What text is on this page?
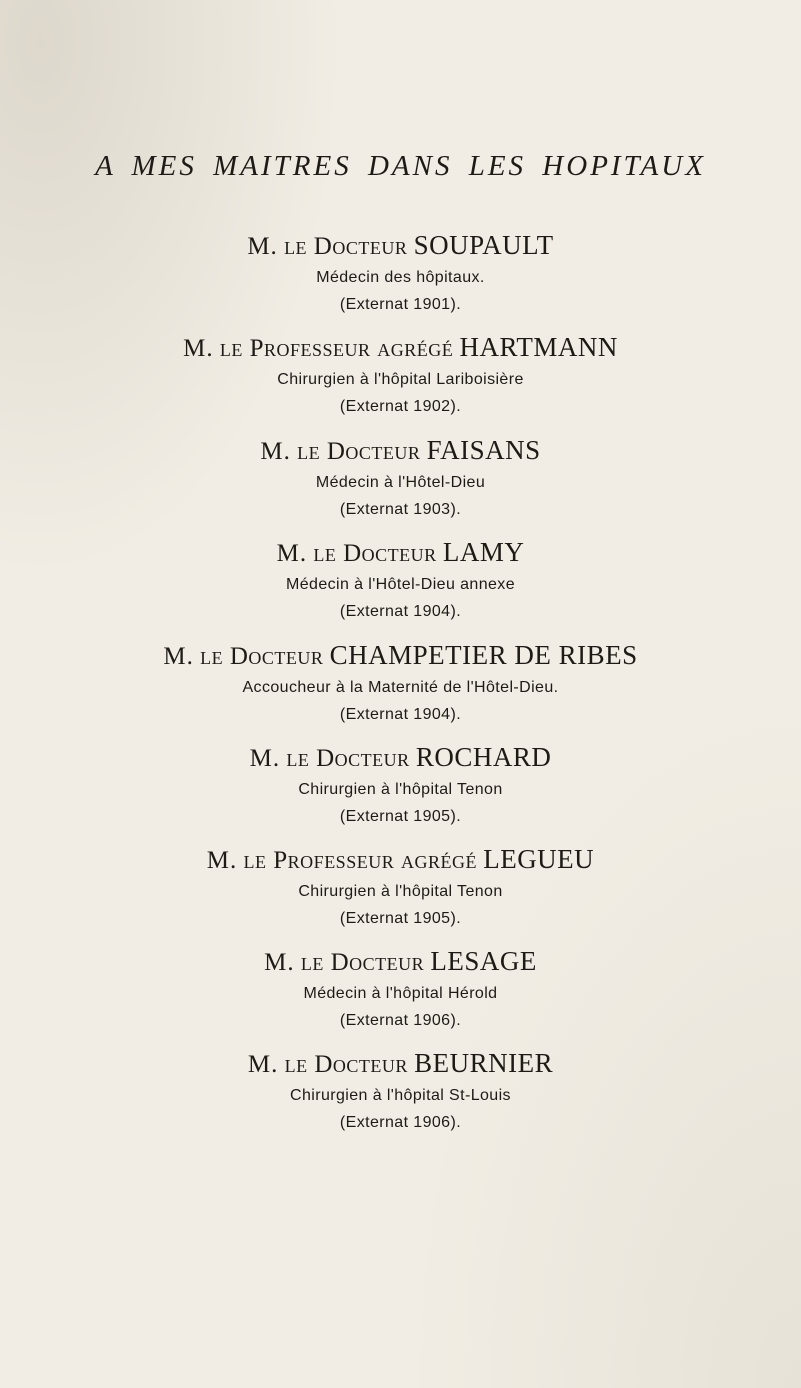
A MES MAITRES DANS LES HOPITAUX
M. le Docteur SOUPAULT
Médecin des hôpitaux.
(Externat 1901).
M. le Professeur agrégé HARTMANN
Chirurgien à l'hôpital Lariboisière
(Externat 1902).
M. le Docteur FAISANS
Médecin à l'Hôtel-Dieu
(Externat 1903).
M. le Docteur LAMY
Médecin à l'Hôtel-Dieu annexe
(Externat 1904).
M. le Docteur CHAMPETIER DE RIBES
Accoucheur à la Maternité de l'Hôtel-Dieu.
(Externat 1904).
M. le Docteur ROCHARD
Chirurgien à l'hôpital Tenon
(Externat 1905).
M. le Professeur agrégé LEGUEU
Chirurgien à l'hôpital Tenon
(Externat 1905).
M. le Docteur LESAGE
Médecin à l'hôpital Hérold
(Externat 1906).
M. le Docteur BEURNIER
Chirurgien à l'hôpital St-Louis
(Externat 1906).
